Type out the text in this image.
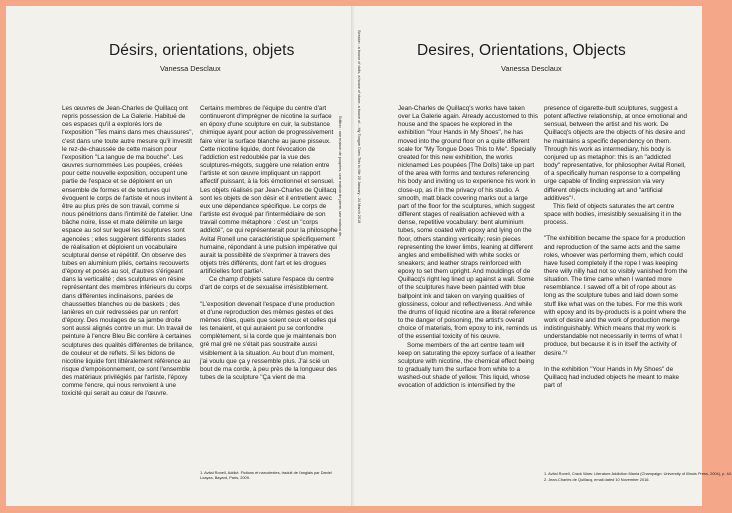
Désirs, orientations, objets
Vanessa Desclaux

Les œuvres de Jean-Charles de Quillacq ont repris possession de La Galerie. Habitué de ces espaces qu'il a explorés lors de l'exposition "Tes mains dans mes chaussures", c'est dans une toute autre mesure qu'il investit le rez-de-chaussée de cette maison pour l'exposition "La langue de ma bouche". Les œuvres surnommées Les poupées, créées pour cette nouvelle exposition, occupent une partie de l'espace et se déploient en un ensemble de formes et de textures qui évoquent le corps de l'artiste et nous invitent à être au plus près de son travail, comme si nous pénétrions dans l'intimité de l'atelier. Une bâche noire, lisse et mate délimite un large espace au sol sur lequel les sculptures sont agencées ; elles suggèrent différents stades de réalisation et déploient un vocabulaire sculptural dense et répétitif. On observe des tubes en aluminium pliés, certains recouverts d'époxy et posés au sol, d'autres s'érigeant dans la verticalité ; des sculptures en résine représentant des membres inférieurs du corps dans différentes inclinaisons, parées de chaussettes blanches ou de baskets ; des lanières en cuir redressées par un renfort d'époxy. Des moulages de sa jambe droite sont aussi alignés contre un mur. Un travail de peinture à l'encre Bleu Bic confère à certaines sculptures des qualités différentes de brillance, de couleur et de reflets. Si les bidons de nicotine liquide font littéralement référence au risque d'empoisonnement, ce sont l'ensemble des matériaux privilégiés par l'artiste, l'époxy comme l'encre, qui nous renvoient à une toxicité qui serait au cœur de l'œuvre.

Certains membres de l'équipe du centre d'art continueront d'imprégner de nicotine la surface en époxy d'une sculpture en cuir, la substance chimique ayant pour action de progressivement faire virer la surface blanche au jaune pisseux. Cette nicotine liquide, dont l'évocation de l'addiction est redoublée par la vue des sculptures-mégots, suggère une relation entre l'artiste et son œuvre impliquant un rapport affectif puissant, à la fois émotionnel et sensuel. Les objets réalisés par Jean-Charles de Quillacq sont les objets de son désir et il entretient avec eux une dépendance spécifique. Le corps de l'artiste est évoqué par l'intermédiaire de son travail comme métaphore : c'est un "corps addicté", ce qui représenterait pour la philosophe Avital Ronell une caractéristique spécifiquement humaine, répondant à une pulsion impérative qui aurait la possibilité de s'exprimer à travers des objets très différents, dont l'art et les drogues artificielles font partie¹.

Ce champ d'objets sature l'espace du centre d'art de corps et de sexualise irrésistiblement.

"L'exposition devenait l'espace d'une production et d'une reproduction des mêmes gestes et des mêmes rôles, quels que soient ceux et celles qui les tenaient, et qui auraient pu se confondre complètement, si la corde que je maintenais bon gré mal gré ne s'était pas soustraite aussi visiblement à la situation. Au bout d'un moment, j'ai voulu que ça y ressemble plus. J'ai scié un bout de ma corde, à peu près de la longueur des tubes de la sculpture "Ça vient de ma

1. Avital Ronell, Addict. Fictions et narcotextes, traduit de l'anglais par Daniel Loayza, Bayard, Paris, 2009.
Edition : une maison de poupées, une maison de pierre, une maison de...
Desires, Orientations, Objects
Vanessa Desclaux
Session : a house of dolls, a house of stone, a house of... My Tongue Does This to Me 20 January - 24 March 2018	Jean-Charles de Quillacq's works have taken over La Galerie again. Already accustomed to this house and the spaces he explored in the exhibition "Your Hands in My Shoes", he has moved into the ground floor on a quite different scale for "My Tongue Does This to Me". Specially created for this new exhibition, the works nicknamed Les poupées [The Dolls] take up part of the area with forms and textures referencing his body and inviting us to experience his work in close-up, as if in the privacy of his studio. A smooth, matt black covering marks out a large part of the floor for the sculptures, which suggest different stages of realisation achieved with a dense, repetitive vocabulary: bent aluminium tubes, some coated with epoxy and lying on the floor, others standing vertically; resin pieces representing the lower limbs, leaning at different angles and embellished with white socks or sneakers; and leather straps reinforced with epoxy to set them upright. And mouldings of de Quillacq's right leg lined up against a wall. Some of the sculptures have been painted with blue ballpoint ink and taken on varying qualities of glossiness, colour and reflectiveness. And while the drums of liquid nicotine are a literal reference to the danger of poisoning, the artist's overall choice of materials, from epoxy to ink, reminds us of the essential toxicity of his œuvre.

Some members of the art centre team will keep on saturating the epoxy surface of a leather sculpture with nicotine, the chemical effect being to gradually turn the surface from white to a washed-out shade of yellow. This liquid, whose evocation of addiction is intensified by the

presence of cigarette-butt sculptures, suggest a potent affective relationship, at once emotional and sensual, between the artist and his work. De Quillacq's objects are the objects of his desire and he maintains a specific dependency on them. Through his work as intermediary, his body is conjured up as metaphor: this is an "addicted body" representative, for philosopher Avital Ronell, of a specifically human response to a compelling urge capable of finding expression via very different objects including art and "artificial additives"¹.

This field of objects saturates the art centre space with bodies, irresistibly sexualising it in the process.

"The exhibition became the space for a production and reproduction of the same acts and the same roles, whoever was performing them, which could have fused completely if the rope I was keeping there willy nilly had not so visibly vanished from the situation. The time came when I wanted more resemblance. I sawed off a bit of rope about as long as the sculpture tubes and laid down some stuff like what was on the tubes. For me this work with epoxy and its by-products is a point where the work of desire and the work of production merge indistinguishably. Which means that my work is understandable not necessarily in terms of what I produce, but because it is in itself the activity of desire."²

In the exhibition "Your Hands in My Shoes" de Quillacq had included objects he meant to make part of

1. Avital Ronell, Crack Wars: Literature Addiction Mania (Champaign: University of Illinois Press, 2004), p. 44.
2. Jean-Charles de Quillacq, email dated 10 November 2016.
